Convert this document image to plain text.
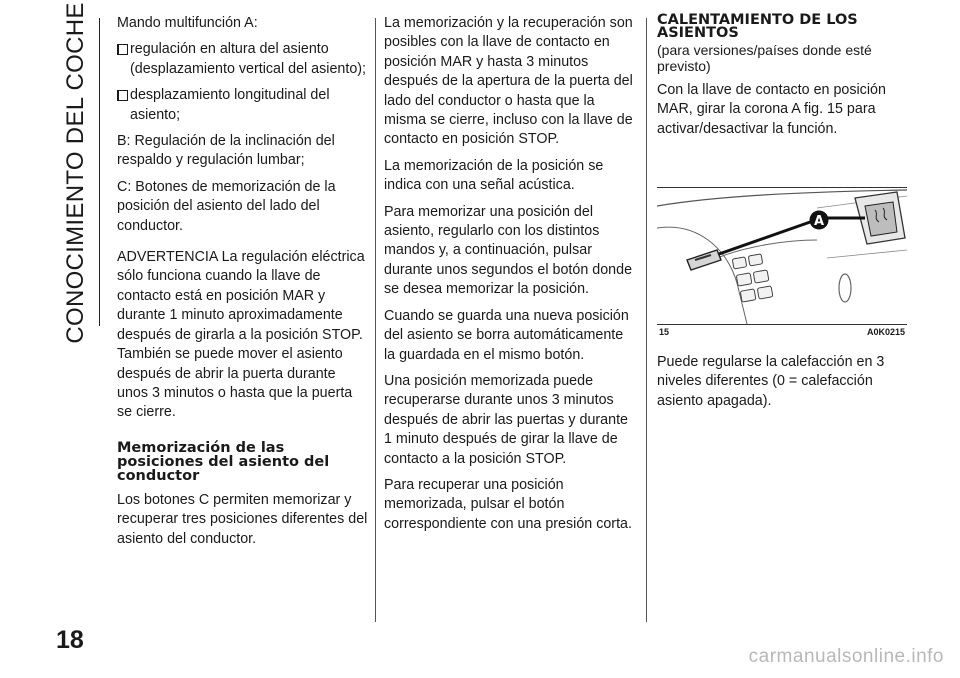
CONOCIMIENTO DEL COCHE
18

Mando multifunción A:

regulación en altura del asiento (desplazamiento vertical del asiento);
desplazamiento longitudinal del asiento;

B: Regulación de la inclinación del respaldo y regulación lumbar;

C: Botones de memorización de la posición del asiento del lado del conductor.

ADVERTENCIA La regulación eléctrica sólo funciona cuando la llave de contacto está en posición MAR y durante 1 minuto aproximadamente después de girarla a la posición STOP. También se puede mover el asiento después de abrir la puerta durante unos 3 minutos o hasta que la puerta se cierre.

Memorización de las posiciones del asiento del conductor

Los botones C permiten memorizar y recuperar tres posiciones diferentes del asiento del conductor.

La memorización y la recuperación son posibles con la llave de contacto en posición MAR y hasta 3 minutos después de la apertura de la puerta del lado del conductor o hasta que la misma se cierre, incluso con la llave de contacto en posición STOP.

La memorización de la posición se indica con una señal acústica.

Para memorizar una posición del asiento, regularlo con los distintos mandos y, a continuación, pulsar durante unos segundos el botón donde se desea memorizar la posición.

Cuando se guarda una nueva posición del asiento se borra automáticamente la guardada en el mismo botón.

Una posición memorizada puede recuperarse durante unos 3 minutos después de abrir las puertas y durante 1 minuto después de girar la llave de contacto a la posición STOP.

Para recuperar una posición memorizada, pulsar el botón correspondiente con una presión corta.

CALENTAMIENTO DE LOS ASIENTOS

(para versiones/países donde esté previsto)

Con la llave de contacto en posición MAR, girar la corona A fig. 15 para activar/desactivar la función.

A
15	A0K0215

Puede regularse la calefacción en 3 niveles diferentes (0 = calefacción asiento apagada).

carmanualsonline.info
